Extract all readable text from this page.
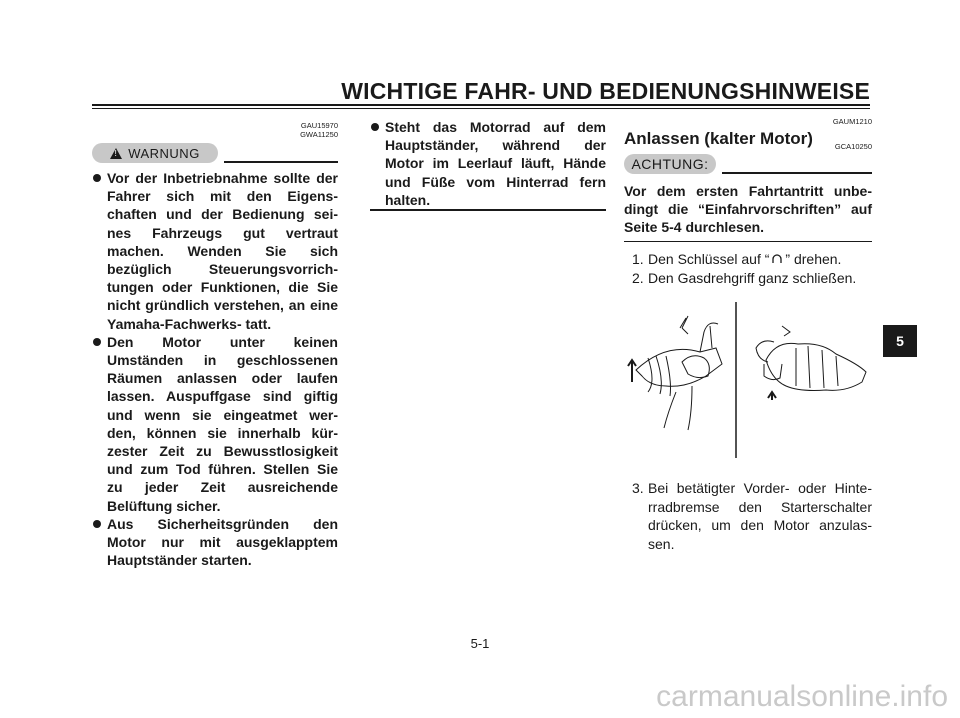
WICHTIGE FAHR- UND BEDIENUNGSHINWEISE
GAU15970
GWA11250
!
WARNUNG

Vor der Inbetriebnahme sollte der Fahrer sich mit den Eigens- chaften und der Bedienung sei- nes Fahrzeugs gut vertraut machen. Wenden Sie sich bezüglich Steuerungsvorrich- tungen oder Funktionen, die Sie nicht gründlich verstehen, an eine Yamaha-Fachwerks- tatt.

Den Motor unter keinen Umständen in geschlossenen Räumen anlassen oder laufen lassen. Auspuffgase sind giftig und wenn sie eingeatmet wer- den, können sie innerhalb kür- zester Zeit zu Bewusstlosigkeit und zum Tod führen. Stellen Sie zu jeder Zeit ausreichende Belüftung sicher.

Aus Sicherheitsgründen den Motor nur mit ausgeklapptem Hauptständer starten.

Steht das Motorrad auf dem Hauptständer, während der Motor im Leerlauf läuft, Hände und Füße vom Hinterrad fern halten.

GAUM1210
Anlassen (kalter Motor)	GCA10250
ACHTUNG:

Vor dem ersten Fahrtantritt unbe- dingt die “Einfahrvorschriften” auf Seite 5-4 durchlesen.

1. Den Schlüssel auf “ ” drehen.
2. Den Gasdrehgriff ganz schließen.
3. Bei betätigter Vorder- oder Hinte- rradbremse den Starterschalter drücken, um den Motor anzulas- sen.
5-1
5
carmanualsonline.info
